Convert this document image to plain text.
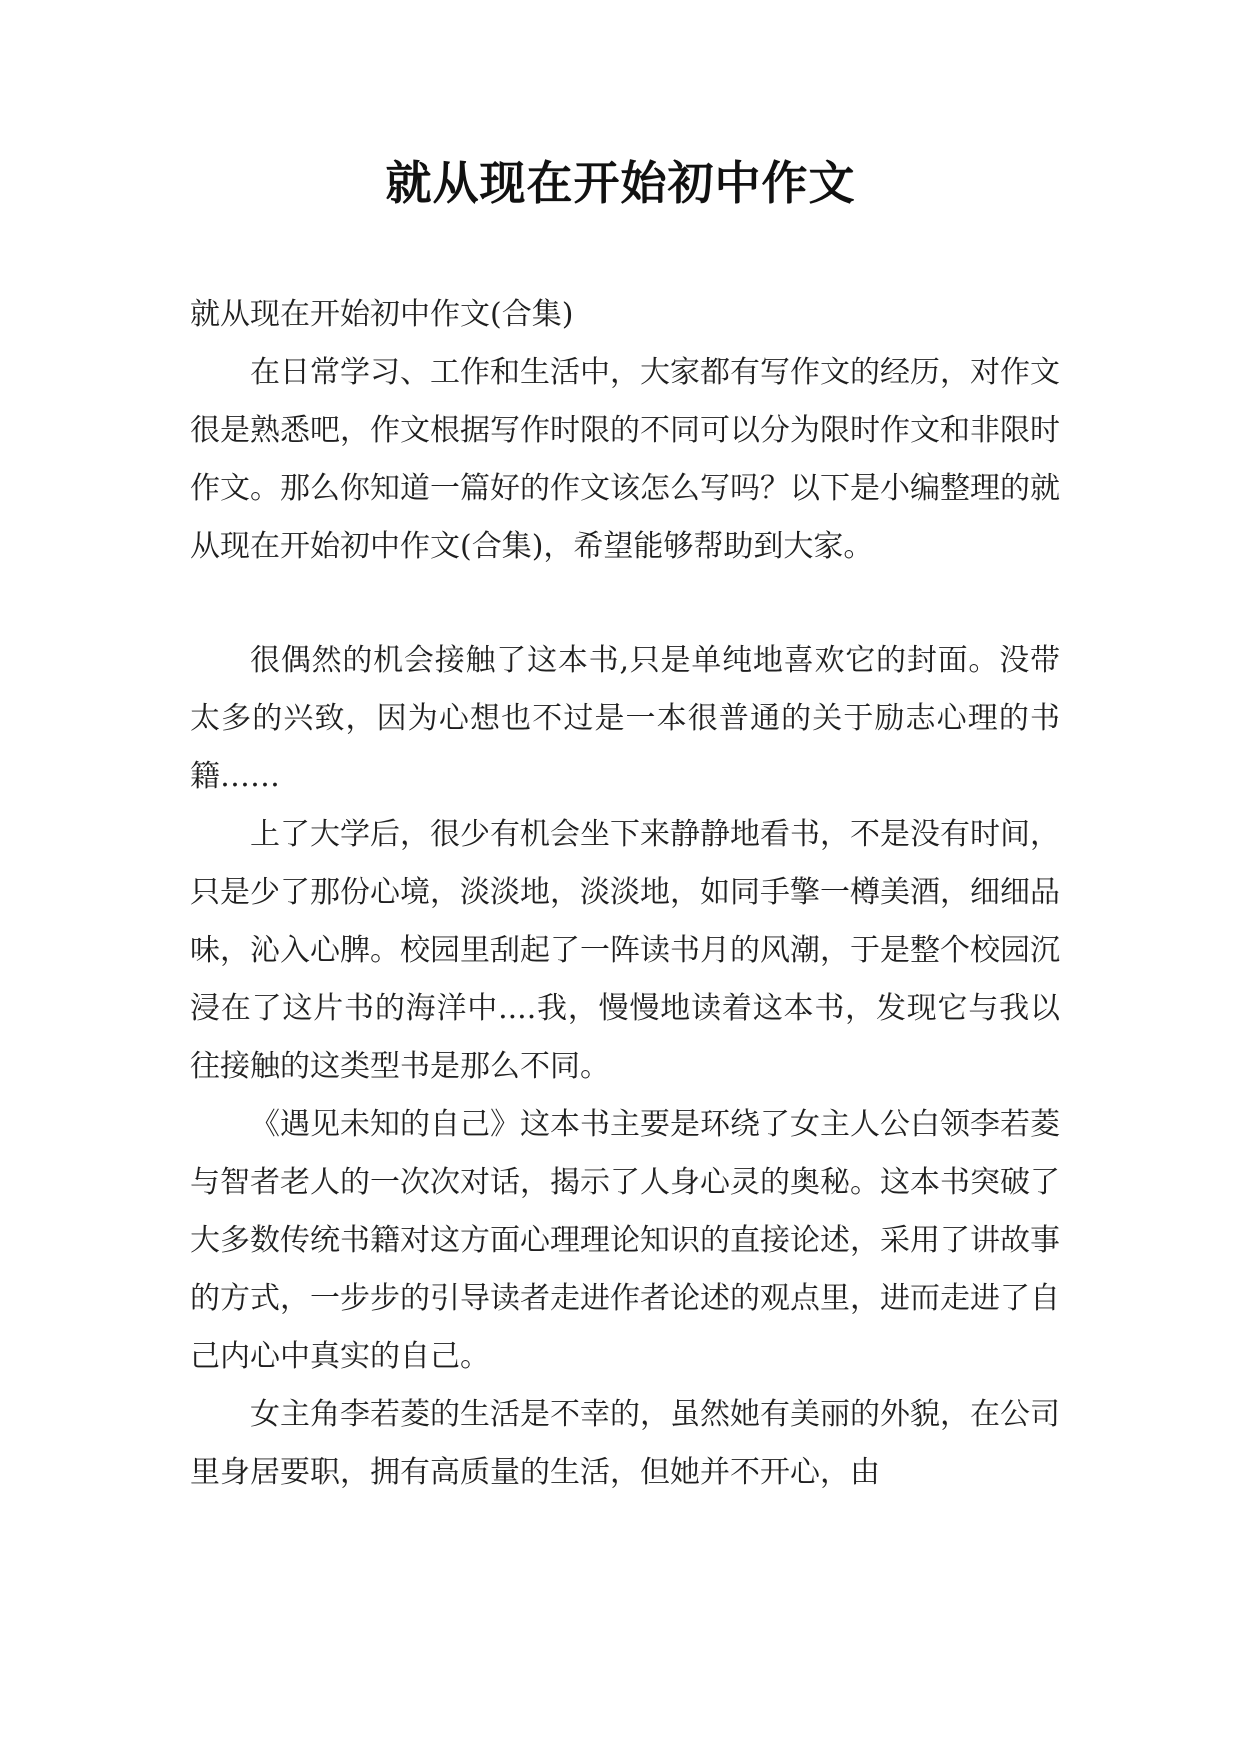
就从现在开始初中作文

就从现在开始初中作文(合集)

在日常学习、工作和生活中，大家都有写作文的经历，对作文很是熟悉吧，作文根据写作时限的不同可以分为限时作文和非限时作文。那么你知道一篇好的作文该怎么写吗？以下是小编整理的就从现在开始初中作文(合集)，希望能够帮助到大家。

很偶然的机会接触了这本书,只是单纯地喜欢它的封面。没带太多的兴致，因为心想也不过是一本很普通的关于励志心理的书籍……

上了大学后，很少有机会坐下来静静地看书，不是没有时间，只是少了那份心境，淡淡地，淡淡地，如同手擎一樽美酒，细细品味，沁入心脾。校园里刮起了一阵读书月的风潮，于是整个校园沉浸在了这片书的海洋中....我，慢慢地读着这本书，发现它与我以往接触的这类型书是那么不同。

《遇见未知的自己》这本书主要是环绕了女主人公白领李若菱与智者老人的一次次对话，揭示了人身心灵的奥秘。这本书突破了大多数传统书籍对这方面心理理论知识的直接论述，采用了讲故事的方式，一步步的引导读者走进作者论述的观点里，进而走进了自己内心中真实的自己。

女主角李若菱的生活是不幸的，虽然她有美丽的外貌，在公司里身居要职，拥有高质量的生活，但她并不开心，由
